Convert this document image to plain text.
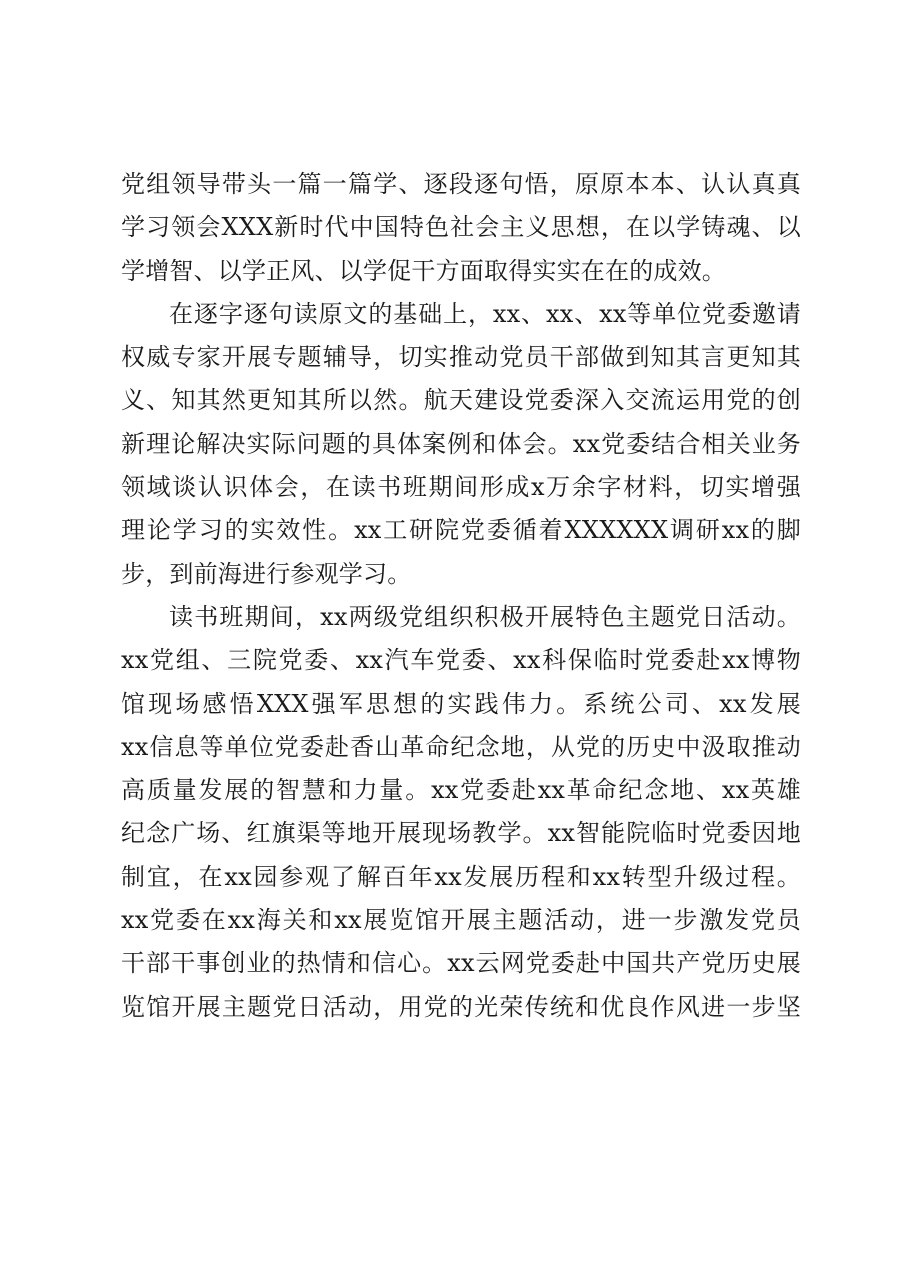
党组领导带头一篇一篇学、逐段逐句悟，原原本本、认认真真
学习领会XXX新时代中国特色社会主义思想，在以学铸魂、以
学增智、以学正风、以学促干方面取得实实在在的成效。
在逐字逐句读原文的基础上，xx、xx、xx等单位党委邀请
权威专家开展专题辅导，切实推动党员干部做到知其言更知其
义、知其然更知其所以然。航天建设党委深入交流运用党的创
新理论解决实际问题的具体案例和体会。xx党委结合相关业务
领域谈认识体会，在读书班期间形成x万余字材料，切实增强
理论学习的实效性。xx工研院党委循着XXXXXX调研xx的脚
步，到前海进行参观学习。
读书班期间，xx两级党组织积极开展特色主题党日活动。
xx党组、三院党委、xx汽车党委、xx科保临时党委赴xx博物
馆现场感悟XXX强军思想的实践伟力。系统公司、xx发展
xx信息等单位党委赴香山革命纪念地，从党的历史中汲取推动
高质量发展的智慧和力量。xx党委赴xx革命纪念地、xx英雄
纪念广场、红旗渠等地开展现场教学。xx智能院临时党委因地
制宜，在xx园参观了解百年xx发展历程和xx转型升级过程。
xx党委在xx海关和xx展览馆开展主题活动，进一步激发党员
干部干事创业的热情和信心。xx云网党委赴中国共产党历史展
览馆开展主题党日活动，用党的光荣传统和优良作风进一步坚
